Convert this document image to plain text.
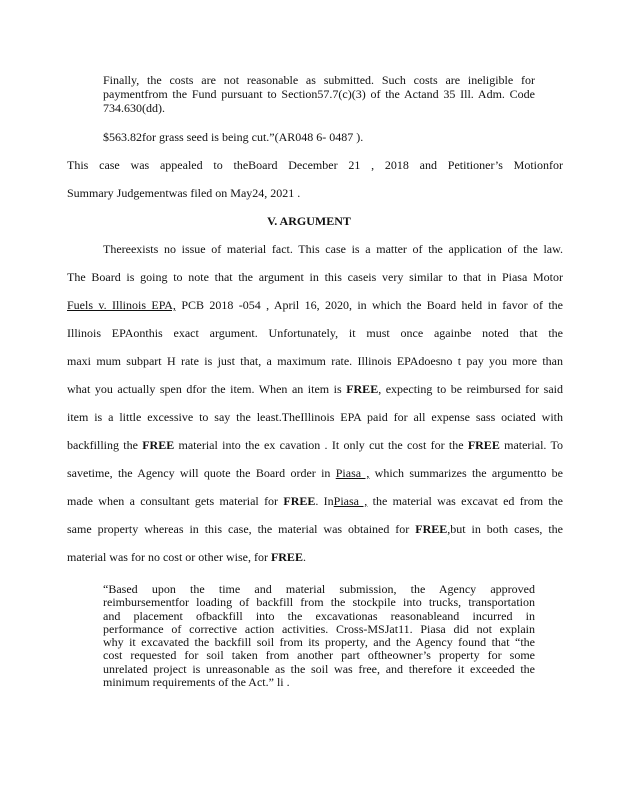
Finally, the costs are not reasonable as submitted. Such costs are ineligible for paymentfrom the Fund pursuant to Section57.7(c)(3) of the Actand 35 Ill. Adm. Code 734.630(dd).
$563.82for grass seed is being cut.”(AR048 6- 0487 ).
This case was appealed to theBoard December 21 , 2018 and Petitioner’s Motionfor
Summary Judgementwas filed on May24, 2021 .
V. ARGUMENT
Thereexists no issue of material fact. This case is a matter of the application of the law.
The Board is going to note that the argument in this caseis very similar to that in Piasa Motor
Fuels v. Illinois EPA, PCB 2018 -054 , April 16, 2020, in which the Board held in favor of the
Illinois EPAonthis exact argument. Unfortunately, it must once againbe noted that the
maxi mum subpart H rate is just that, a maximum rate. Illinois EPAdoesno t pay you more than
what you actually spen dfor the item. When an item is FREE, expecting to be reimbursed for said
item is a little excessive to say the least.TheIllinois EPA paid for all expense sass ociated with
backfilling the FREE material into the ex cavation . It only cut the cost for the FREE material. To
savetime, the Agency will quote the Board order in Piasa , which summarizes the argumentto be
made when a consultant gets material for FREE. InPiasa , the material was excavat ed from the
same property whereas in this case, the material was obtained for FREE,but in both cases, the
material was for no cost or other wise, for FREE.
“Based upon the time and material submission, the Agency approved
reimbursementfor loading of backfill from the stockpile into trucks, transportation
and placement ofbackfill into the excavationas reasonableand incurred in
performance of corrective action activities. Cross-MSJat11. Piasa did not explain
why it excavated the backfill soil from its property, and the Agency found that “the
cost requested for soil taken from another part oftheowner’s property for some
unrelated project is unreasonable as the soil was free, and therefore it exceeded the
minimum requirements of the Act.” li .
